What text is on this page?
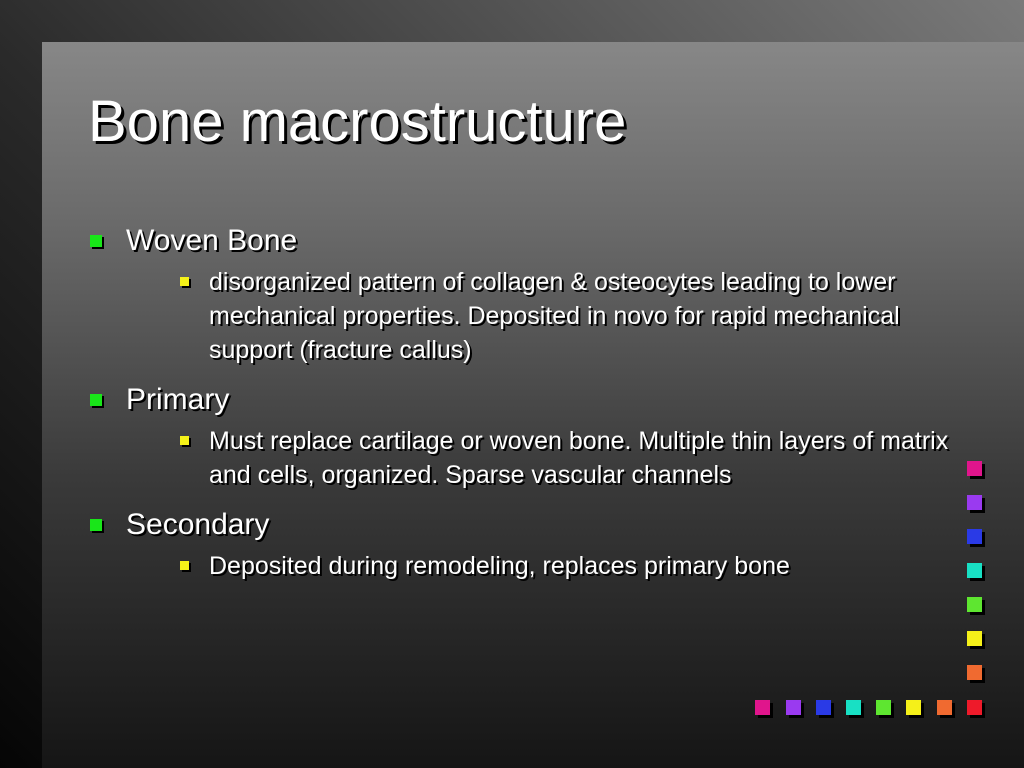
Bone macrostructure
Woven Bone
disorganized pattern of collagen & osteocytes leading to lower mechanical properties. Deposited in novo for rapid mechanical support (fracture callus)
Primary
Must replace cartilage or woven bone. Multiple thin layers of matrix and cells, organized. Sparse vascular channels
Secondary
Deposited during remodeling, replaces primary bone
